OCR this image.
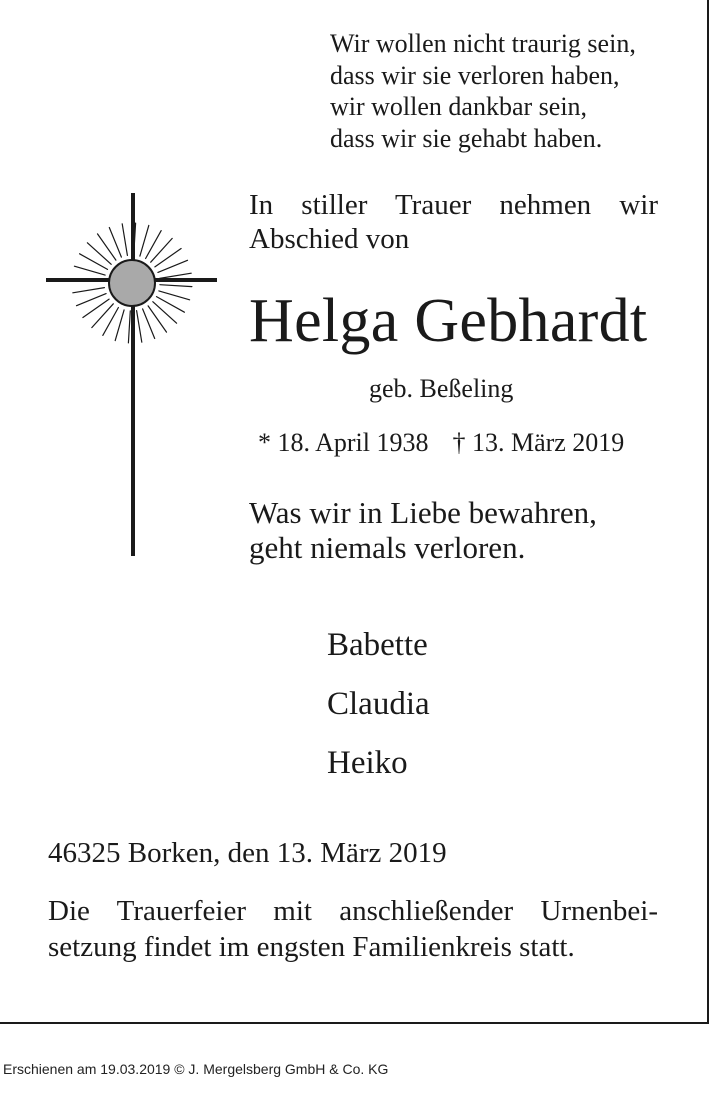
Wir wollen nicht traurig sein,
dass wir sie verloren haben,
wir wollen dankbar sein,
dass wir sie gehabt haben.
In stiller Trauer nehmen wir
Abschied von
Helga Gebhardt
geb. Beßeling
* 18. April 1938 † 13. März 2019
Was wir in Liebe bewahren,
geht niemals verloren.
Babette
Claudia
Heiko
46325 Borken, den 13. März 2019
Die Trauerfeier mit anschließender Urnenbei-
setzung findet im engsten Familienkreis statt.
Erschienen am 19.03.2019 © J. Mergelsberg GmbH & Co. KG
